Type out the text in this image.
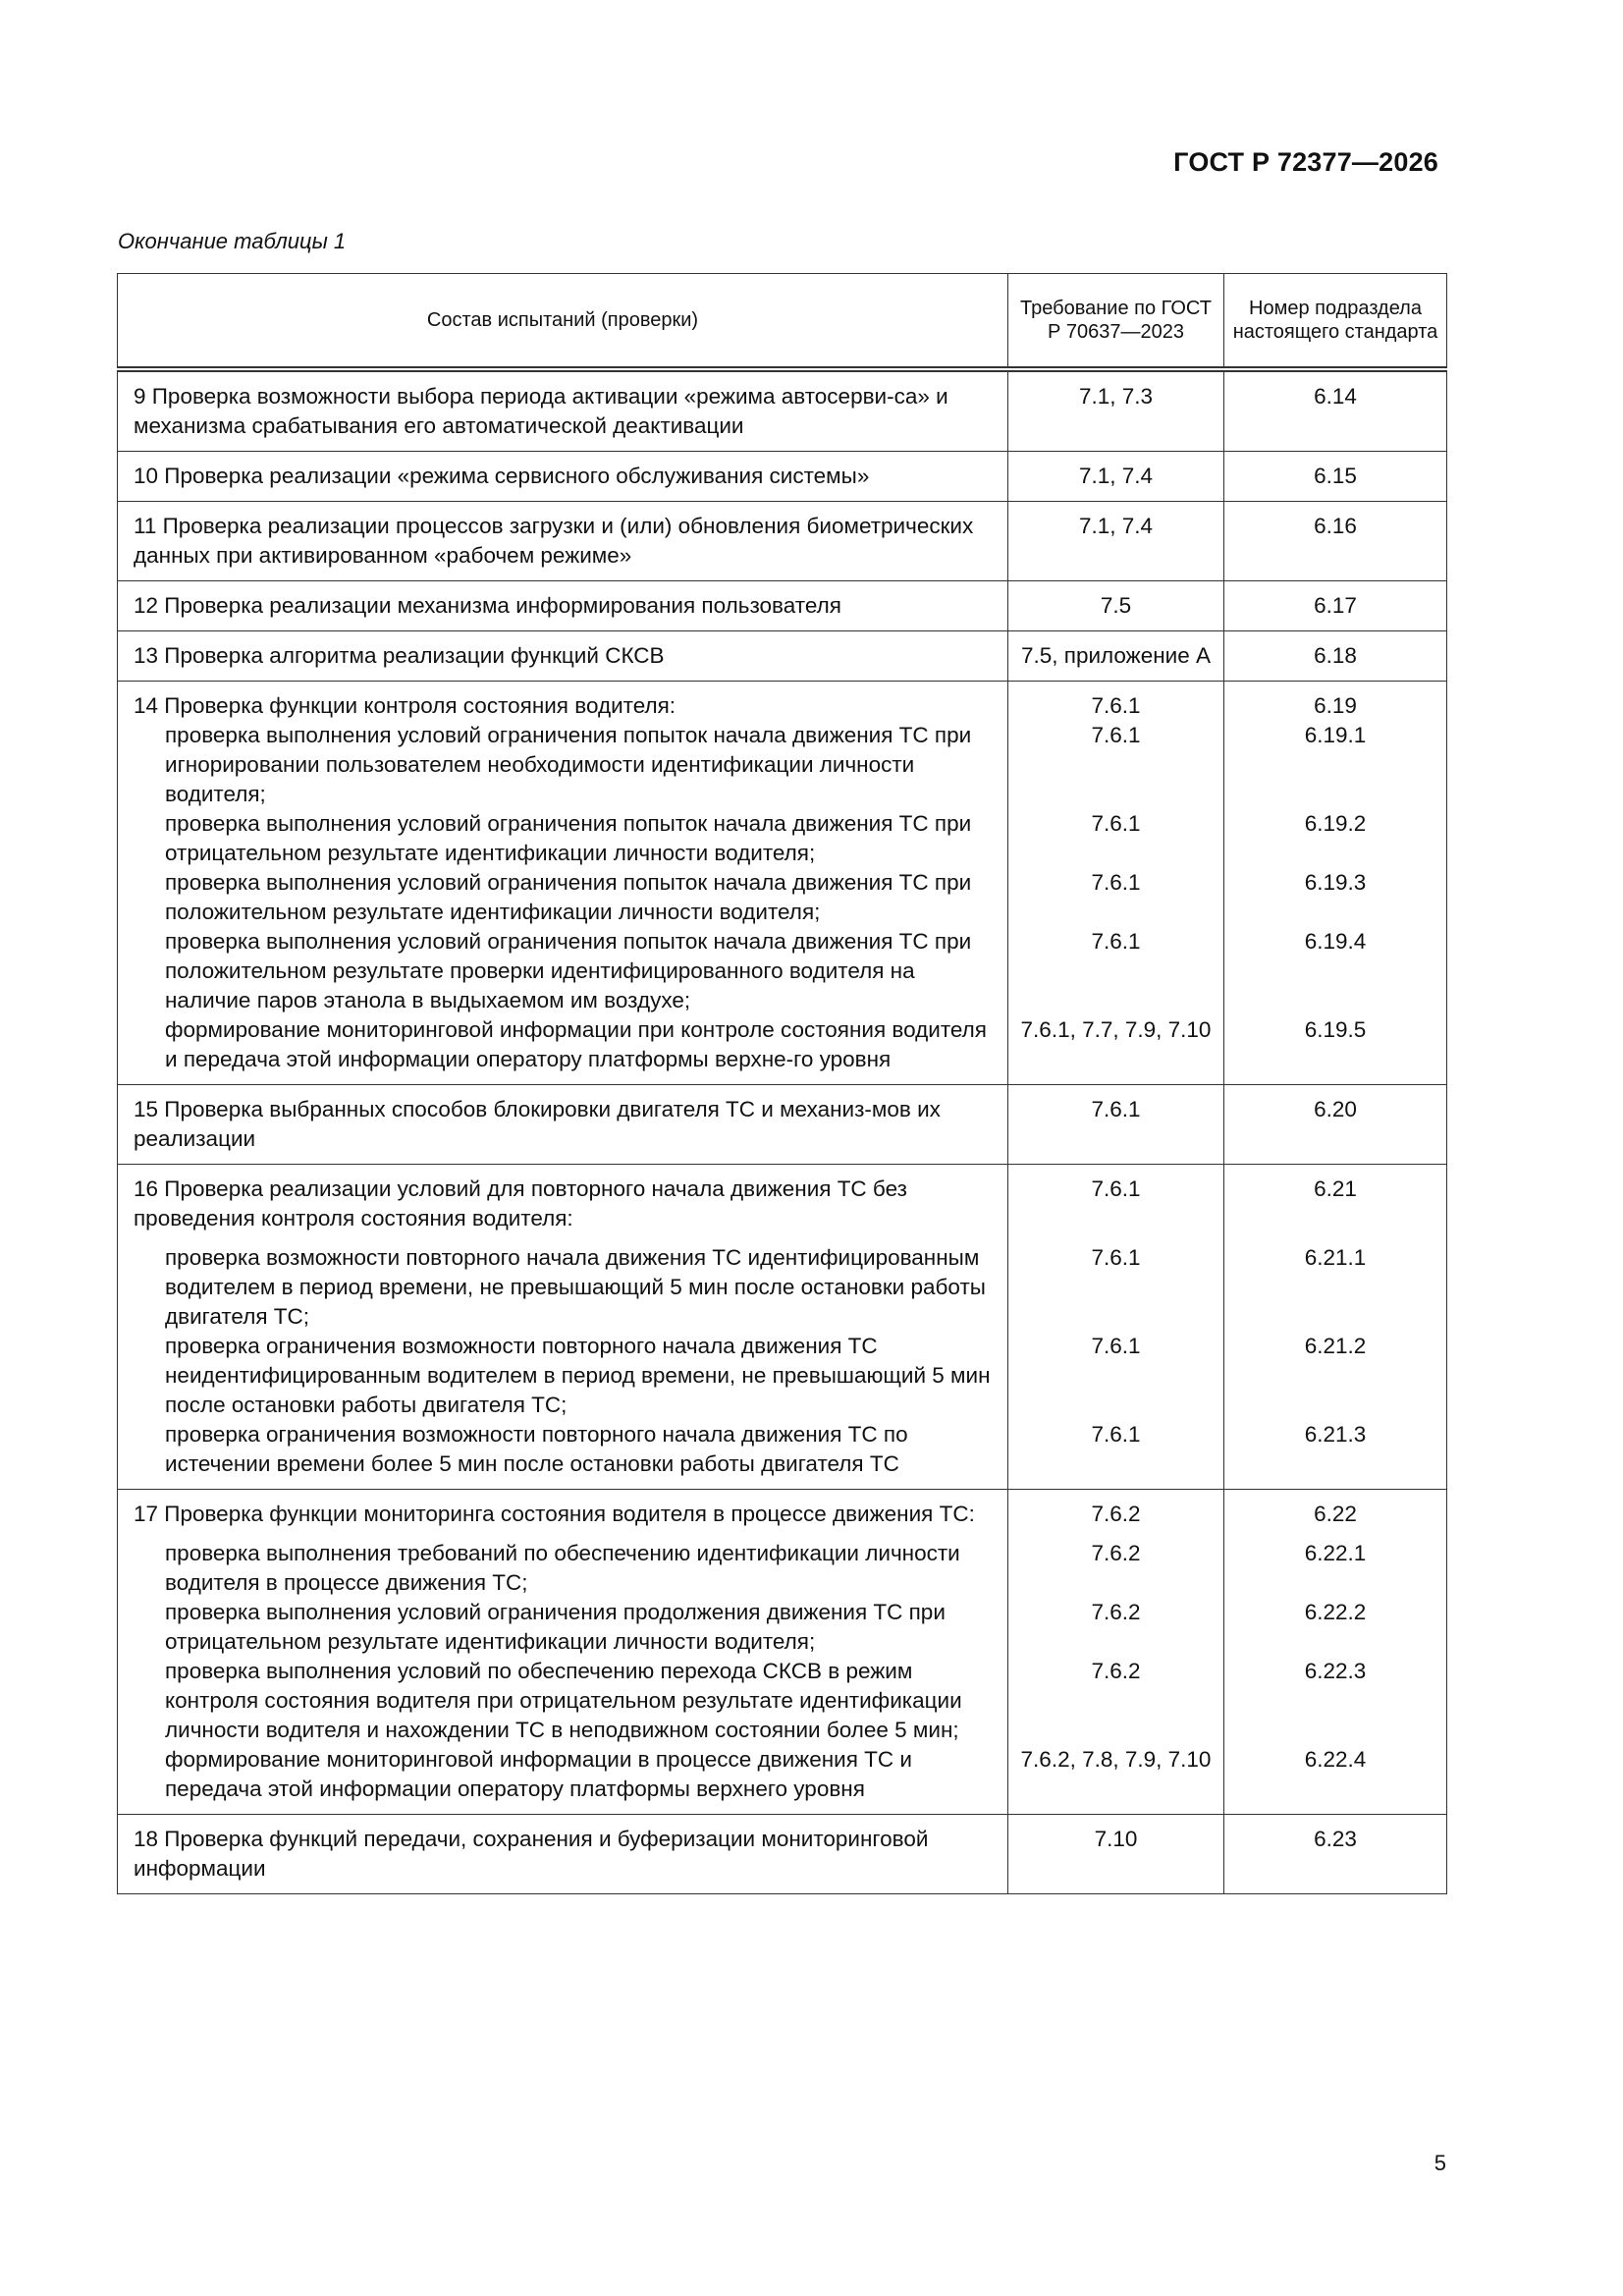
ГОСТ Р 72377—2026
Окончание таблицы 1
Состав испытаний (проверки)	Требование по ГОСТ Р 70637—2023	Номер подраздела настоящего стандарта
9 Проверка возможности выбора периода активации «режима автосерви-са» и механизма срабатывания его автоматической деактивации	7.1, 7.3	6.14
10 Проверка реализации «режима сервисного обслуживания системы»	7.1, 7.4	6.15
11 Проверка реализации процессов загрузки и (или) обновления биометрических данных при активированном «рабочем режиме»	7.1, 7.4	6.16
12 Проверка реализации механизма информирования пользователя	7.5	6.17
13 Проверка алгоритма реализации функций СКСВ	7.5, приложение А	6.18
14 Проверка функции контроля состояния водителя:	7.6.1	6.19
проверка выполнения условий ограничения попыток начала движения ТС при игнорировании пользователем необходимости идентификации личности водителя;	7.6.1	6.19.1
проверка выполнения условий ограничения попыток начала движения ТС при отрицательном результате идентификации личности водителя;	7.6.1	6.19.2
проверка выполнения условий ограничения попыток начала движения ТС при положительном результате идентификации личности водителя;	7.6.1	6.19.3
проверка выполнения условий ограничения попыток начала движения ТС при положительном результате проверки идентифицированного водителя на наличие паров этанола в выдыхаемом им воздухе;	7.6.1	6.19.4
формирование мониторинговой информации при контроле состояния водителя и передача этой информации оператору платформы верхне-го уровня	7.6.1, 7.7, 7.9, 7.10	6.19.5
15 Проверка выбранных способов блокировки двигателя ТС и механиз-мов их реализации	7.6.1	6.20
16 Проверка реализации условий для повторного начала движения ТС без проведения контроля состояния водителя:	7.6.1	6.21
проверка возможности повторного начала движения ТС идентифицированным водителем в период времени, не превышающий 5 мин после остановки работы двигателя ТС;	7.6.1	6.21.1
проверка ограничения возможности повторного начала движения ТС неидентифицированным водителем в период времени, не превышающий 5 мин после остановки работы двигателя ТС;	7.6.1	6.21.2
проверка ограничения возможности повторного начала движения ТС по истечении времени более 5 мин после остановки работы двигателя ТС	7.6.1	6.21.3
17 Проверка функции мониторинга состояния водителя в процессе движения ТС:	7.6.2	6.22
проверка выполнения требований по обеспечению идентификации личности водителя в процессе движения ТС;	7.6.2	6.22.1
проверка выполнения условий ограничения продолжения движения ТС при отрицательном результате идентификации личности водителя;	7.6.2	6.22.2
проверка выполнения условий по обеспечению перехода СКСВ в режим контроля состояния водителя при отрицательном результате идентификации личности водителя и нахождении ТС в неподвижном состоянии более 5 мин;	7.6.2	6.22.3
формирование мониторинговой информации в процессе движения ТС и передача этой информации оператору платформы верхнего уровня	7.6.2, 7.8, 7.9, 7.10	6.22.4
18 Проверка функций передачи, сохранения и буферизации мониторинговой информации	7.10	6.23
5
